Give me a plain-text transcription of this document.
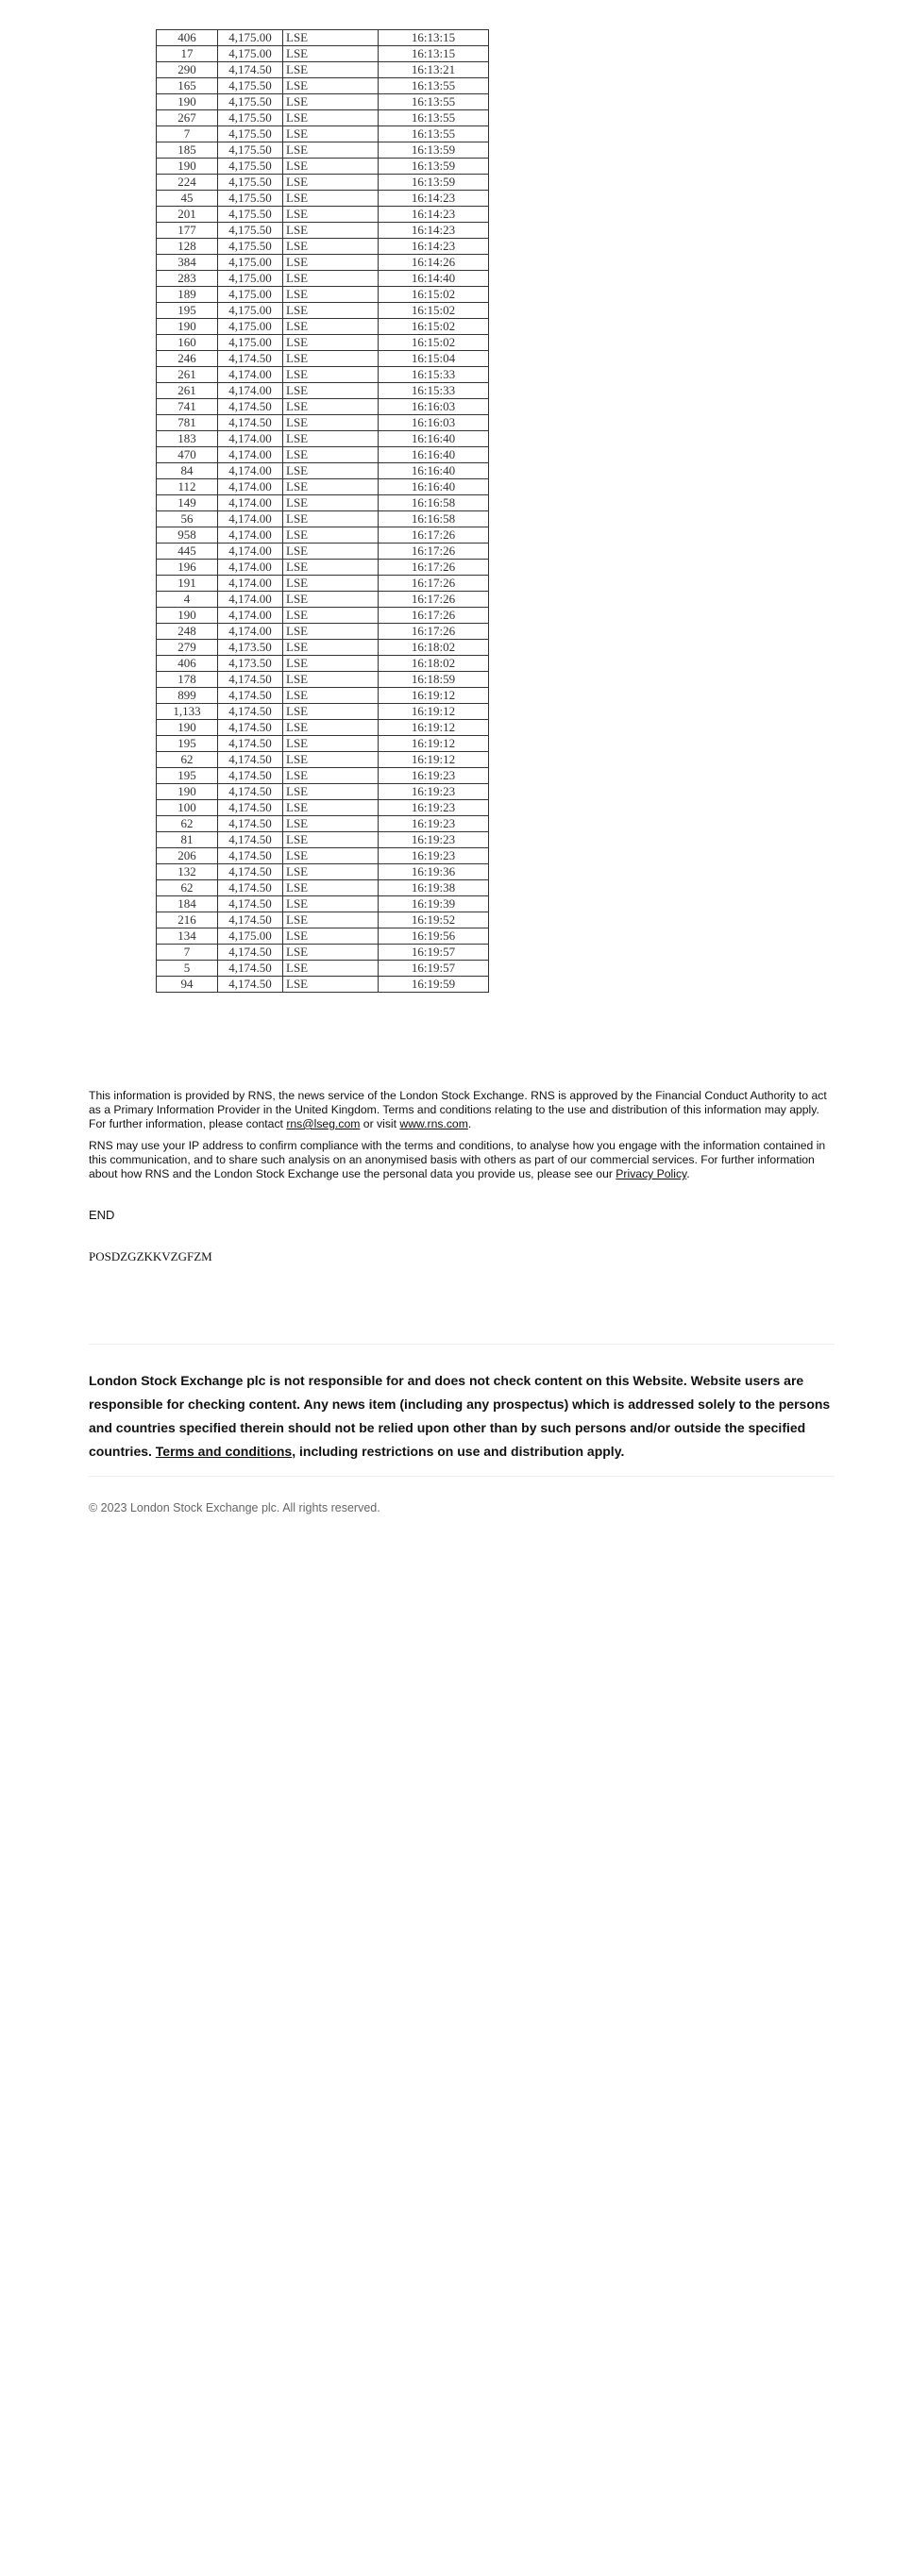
406	4,175.00	LSE	16:13:15
17	4,175.00	LSE	16:13:15
290	4,174.50	LSE	16:13:21
165	4,175.50	LSE	16:13:55
190	4,175.50	LSE	16:13:55
267	4,175.50	LSE	16:13:55
7	4,175.50	LSE	16:13:55
185	4,175.50	LSE	16:13:59
190	4,175.50	LSE	16:13:59
224	4,175.50	LSE	16:13:59
45	4,175.50	LSE	16:14:23
201	4,175.50	LSE	16:14:23
177	4,175.50	LSE	16:14:23
128	4,175.50	LSE	16:14:23
384	4,175.00	LSE	16:14:26
283	4,175.00	LSE	16:14:40
189	4,175.00	LSE	16:15:02
195	4,175.00	LSE	16:15:02
190	4,175.00	LSE	16:15:02
160	4,175.00	LSE	16:15:02
246	4,174.50	LSE	16:15:04
261	4,174.00	LSE	16:15:33
261	4,174.00	LSE	16:15:33
741	4,174.50	LSE	16:16:03
781	4,174.50	LSE	16:16:03
183	4,174.00	LSE	16:16:40
470	4,174.00	LSE	16:16:40
84	4,174.00	LSE	16:16:40
112	4,174.00	LSE	16:16:40
149	4,174.00	LSE	16:16:58
56	4,174.00	LSE	16:16:58
958	4,174.00	LSE	16:17:26
445	4,174.00	LSE	16:17:26
196	4,174.00	LSE	16:17:26
191	4,174.00	LSE	16:17:26
4	4,174.00	LSE	16:17:26
190	4,174.00	LSE	16:17:26
248	4,174.00	LSE	16:17:26
279	4,173.50	LSE	16:18:02
406	4,173.50	LSE	16:18:02
178	4,174.50	LSE	16:18:59
899	4,174.50	LSE	16:19:12
1,133	4,174.50	LSE	16:19:12
190	4,174.50	LSE	16:19:12
195	4,174.50	LSE	16:19:12
62	4,174.50	LSE	16:19:12
195	4,174.50	LSE	16:19:23
190	4,174.50	LSE	16:19:23
100	4,174.50	LSE	16:19:23
62	4,174.50	LSE	16:19:23
81	4,174.50	LSE	16:19:23
206	4,174.50	LSE	16:19:23
132	4,174.50	LSE	16:19:36
62	4,174.50	LSE	16:19:38
184	4,174.50	LSE	16:19:39
216	4,174.50	LSE	16:19:52
134	4,175.00	LSE	16:19:56
7	4,174.50	LSE	16:19:57
5	4,174.50	LSE	16:19:57
94	4,174.50	LSE	16:19:59
This information is provided by RNS, the news service of the London Stock Exchange. RNS is approved by the Financial Conduct Authority to act as a Primary Information Provider in the United Kingdom. Terms and conditions relating to the use and distribution of this information may apply. For further information, please contact rns@lseg.com or visit www.rns.com.
RNS may use your IP address to confirm compliance with the terms and conditions, to analyse how you engage with the information contained in this communication, and to share such analysis on an anonymised basis with others as part of our commercial services. For further information about how RNS and the London Stock Exchange use the personal data you provide us, please see our Privacy Policy.
END
POSDZGZKKVZGFZM
London Stock Exchange plc is not responsible for and does not check content on this Website. Website users are responsible for checking content. Any news item (including any prospectus) which is addressed solely to the persons and countries specified therein should not be relied upon other than by such persons and/or outside the specified countries. Terms and conditions, including restrictions on use and distribution apply.
© 2023 London Stock Exchange plc. All rights reserved.
